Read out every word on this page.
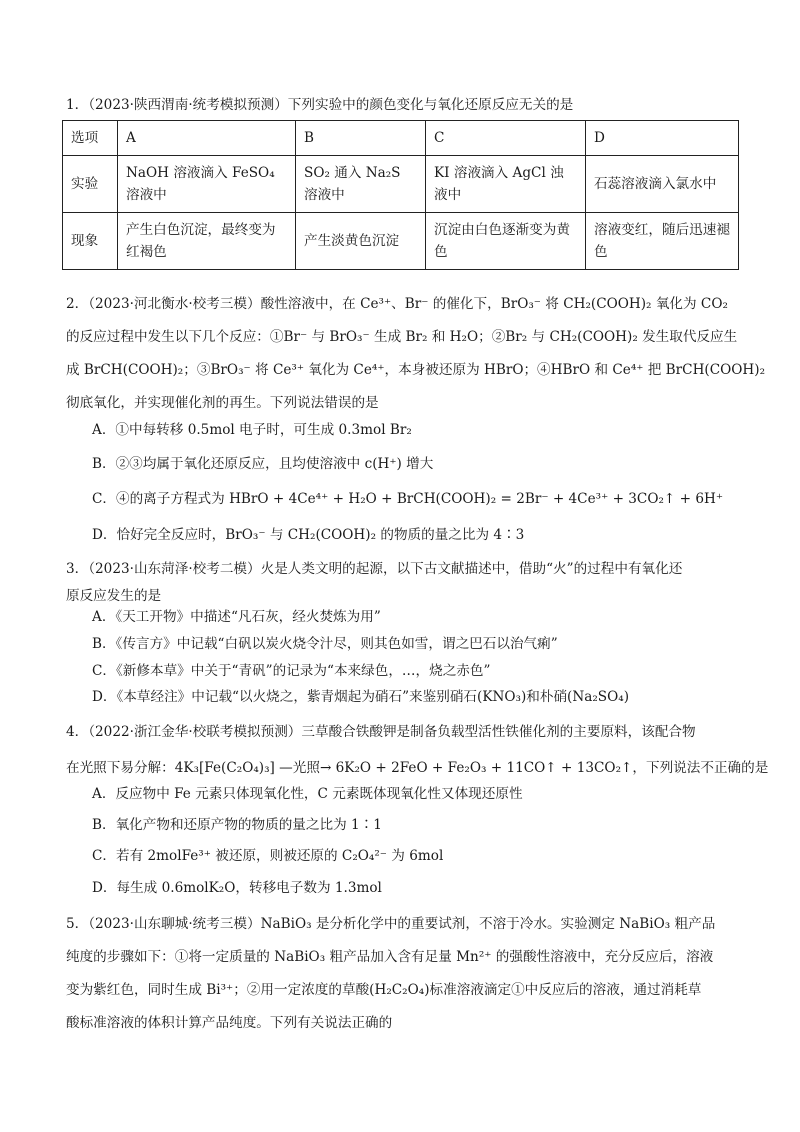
1．（2023·陕西渭南·统考模拟预测）下列实验中的颜色变化与氧化还原反应无关的是
选项	A	B	C	D
实验	NaOH 溶液滴入 FeSO₄ 溶液中	SO₂ 通入 Na₂S 溶液中	KI 溶液滴入 AgCl 浊液中	石蕊溶液滴入氯水中
现象	产生白色沉淀，最终变为红褐色	产生淡黄色沉淀	沉淀由白色逐渐变为黄色	溶液变红，随后迅速褪色
2．（2023·河北衡水·校考三模）酸性溶液中，在 Ce³⁺、Br⁻ 的催化下，BrO₃⁻ 将 CH₂(COOH)₂ 氧化为 CO₂
的反应过程中发生以下几个反应：①Br⁻ 与 BrO₃⁻ 生成 Br₂ 和 H₂O；②Br₂ 与 CH₂(COOH)₂ 发生取代反应生
成 BrCH(COOH)₂；③BrO₃⁻ 将 Ce³⁺ 氧化为 Ce⁴⁺，本身被还原为 HBrO；④HBrO 和 Ce⁴⁺ 把 BrCH(COOH)₂
彻底氧化，并实现催化剂的再生。下列说法错误的是
A．①中每转移 0.5mol 电子时，可生成 0.3mol Br₂
B．②③均属于氧化还原反应，且均使溶液中 c(H⁺) 增大
C．④的离子方程式为 HBrO + 4Ce⁴⁺ + H₂O + BrCH(COOH)₂ = 2Br⁻ + 4Ce³⁺ + 3CO₂↑ + 6H⁺
D．恰好完全反应时，BrO₃⁻ 与 CH₂(COOH)₂ 的物质的量之比为 4∶3
3．（2023·山东菏泽·校考二模）火是人类文明的起源，以下古文献描述中，借助“火”的过程中有氧化还
原反应发生的是
A．《天工开物》中描述“凡石灰，经火焚炼为用”
B．《传言方》中记载“白矾以炭火烧令汁尽，则其色如雪，谓之巴石以治气痢”
C．《新修本草》中关于“青矾”的记录为“本来绿色，…，烧之赤色”
D．《本草经注》中记载“以火烧之，紫青烟起为硝石”来鉴别硝石(KNO₃)和朴硝(Na₂SO₄)
4．（2022·浙江金华·校联考模拟预测）三草酸合铁酸钾是制备负载型活性铁催化剂的主要原料，该配合物
在光照下易分解：4K₃[Fe(C₂O₄)₃] —光照→ 6K₂O + 2FeO + Fe₂O₃ + 11CO↑ + 13CO₂↑，下列说法不正确的是
A．反应物中 Fe 元素只体现氧化性，C 元素既体现氧化性又体现还原性
B．氧化产物和还原产物的物质的量之比为 1∶1
C．若有 2molFe³⁺ 被还原，则被还原的 C₂O₄²⁻ 为 6mol
D．每生成 0.6molK₂O，转移电子数为 1.3mol
5．（2023·山东聊城·统考三模）NaBiO₃ 是分析化学中的重要试剂，不溶于冷水。实验测定 NaBiO₃ 粗产品
纯度的步骤如下：①将一定质量的 NaBiO₃ 粗产品加入含有足量 Mn²⁺ 的强酸性溶液中，充分反应后，溶液
变为紫红色，同时生成 Bi³⁺；②用一定浓度的草酸(H₂C₂O₄)标准溶液滴定①中反应后的溶液，通过消耗草
酸标准溶液的体积计算产品纯度。下列有关说法正确的
